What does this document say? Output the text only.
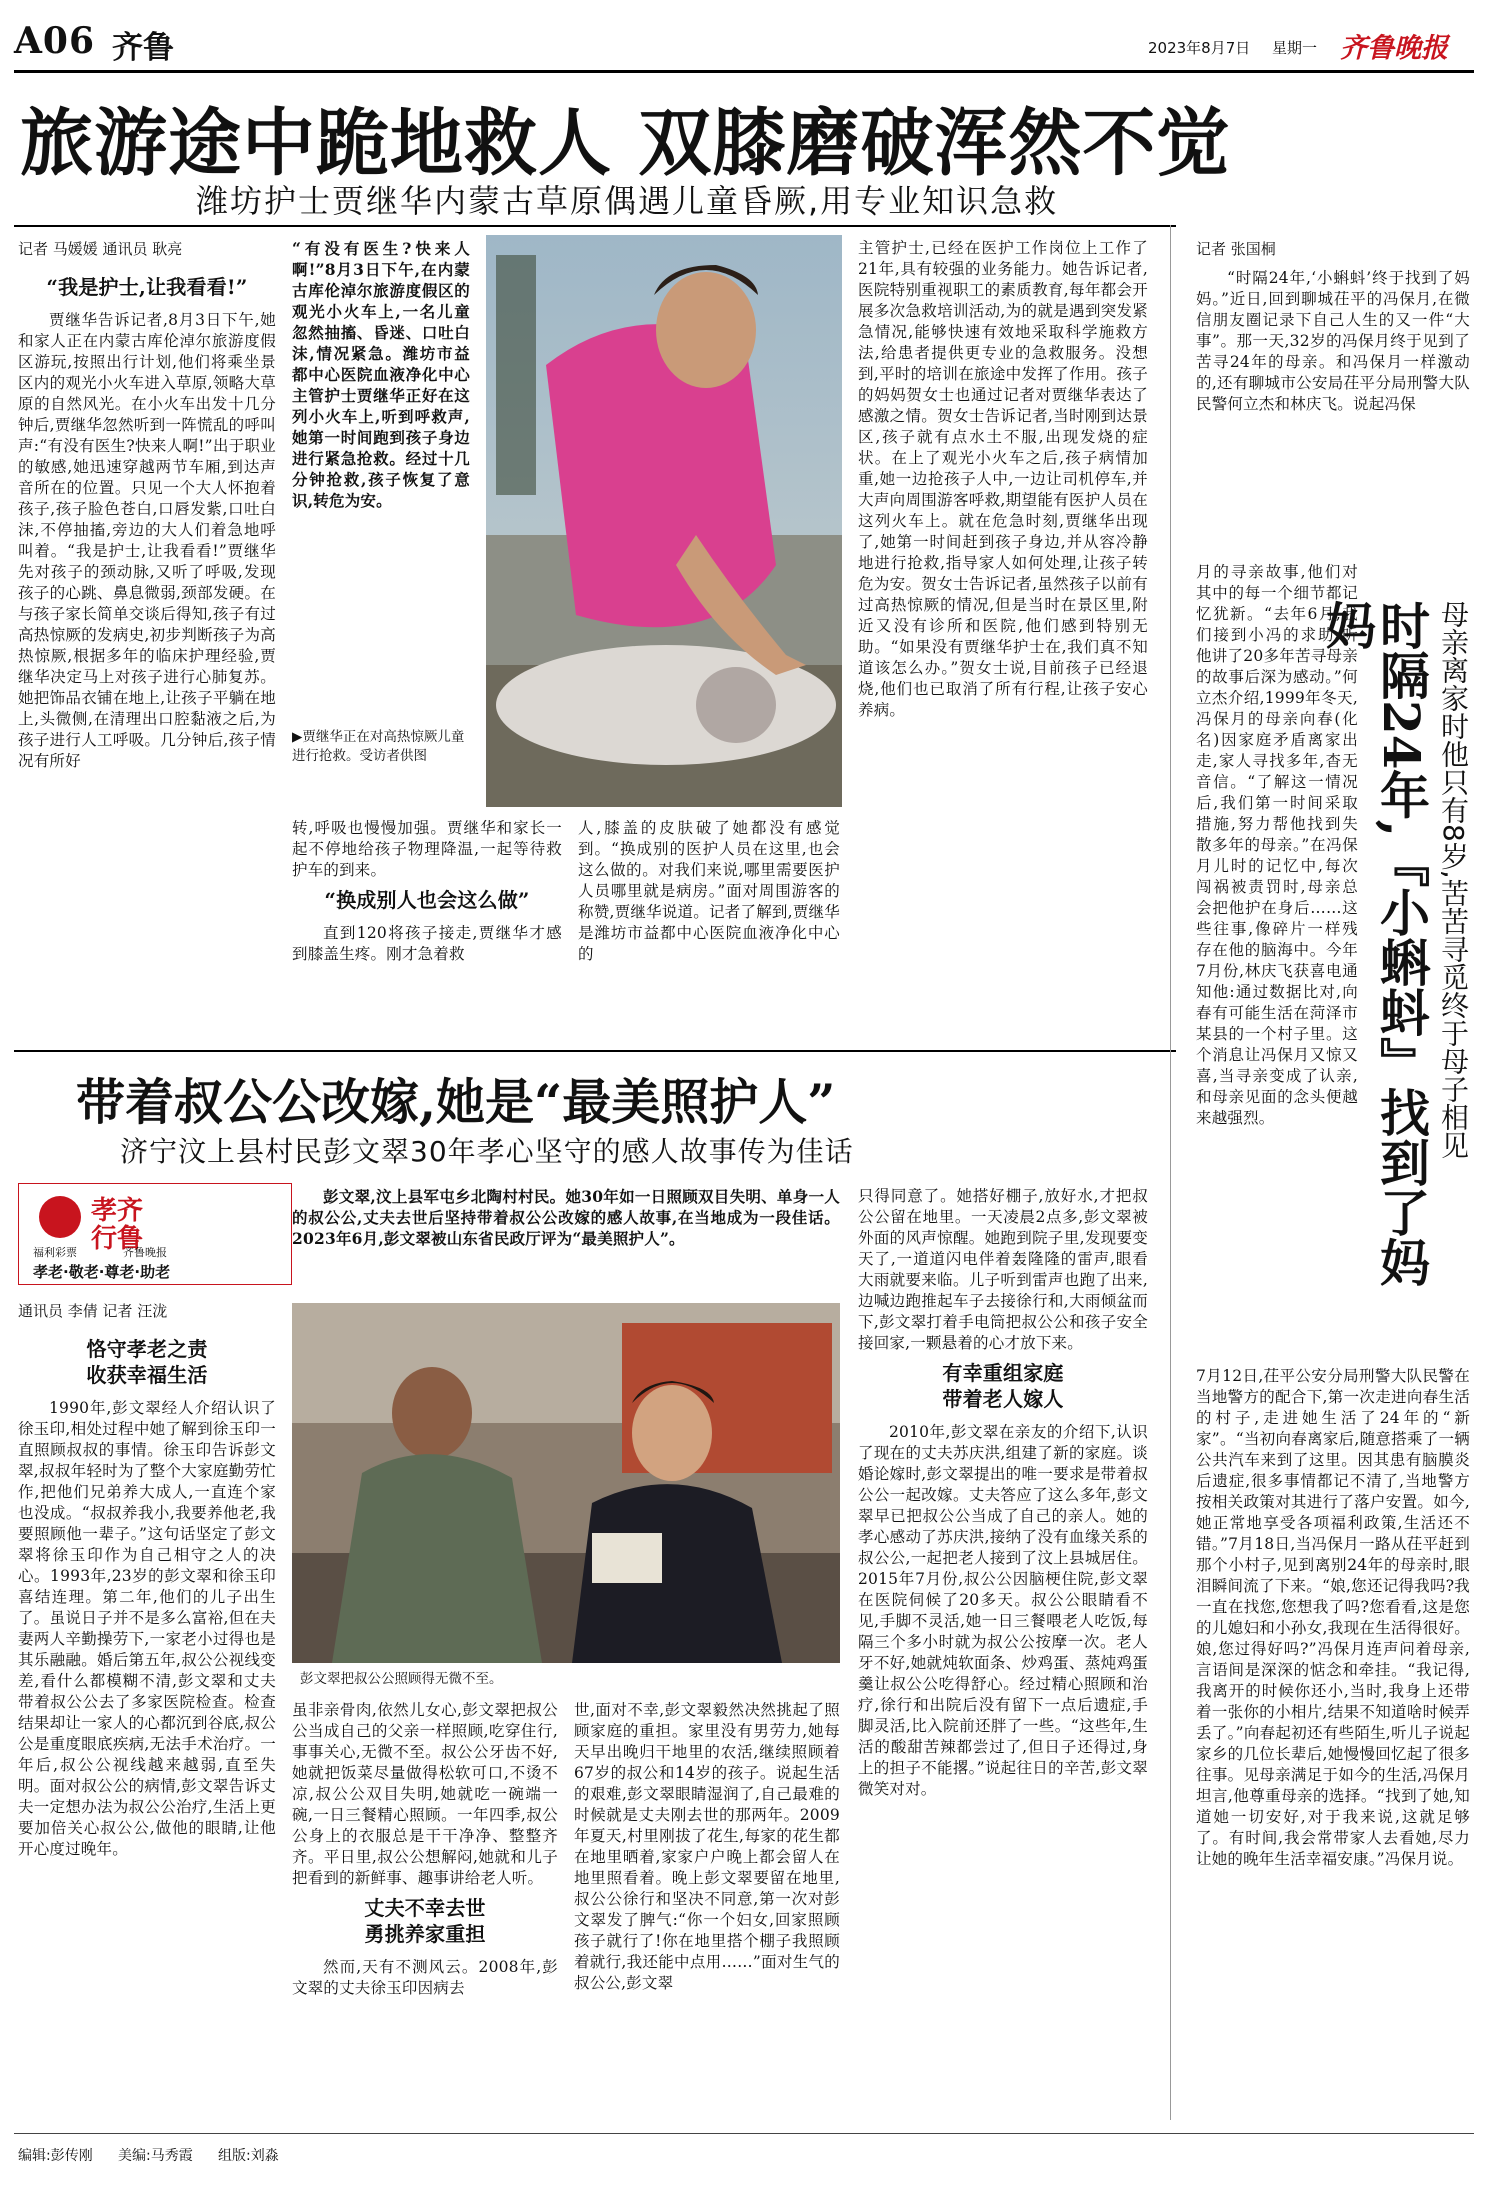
A06 齐鲁	2023年8月7日 星期一 齐鲁晚报
旅游途中跪地救人 双膝磨破浑然不觉
潍坊护士贾继华内蒙古草原偶遇儿童昏厥,用专业知识急救
记者 马媛媛 通讯员 耿亮
“我是护士,让我看看!”

贾继华告诉记者,8月3日下午,她和家人正在内蒙古库伦淖尔旅游度假区游玩,按照出行计划,他们将乘坐景区内的观光小火车进入草原,领略大草原的自然风光。在小火车出发十几分钟后,贾继华忽然听到一阵慌乱的呼叫声:“有没有医生?快来人啊!”出于职业的敏感,她迅速穿越两节车厢,到达声音所在的位置。只见一个大人怀抱着孩子,孩子脸色苍白,口唇发紫,口吐白沫,不停抽搐,旁边的大人们着急地呼叫着。“我是护士,让我看看!”贾继华先对孩子的颈动脉,又听了呼吸,发现孩子的心跳、鼻息微弱,颈部发硬。在与孩子家长简单交谈后得知,孩子有过高热惊厥的发病史,初步判断孩子为高热惊厥,根据多年的临床护理经验,贾继华决定马上对孩子进行心肺复苏。她把饰品衣铺在地上,让孩子平躺在地上,头微侧,在清理出口腔黏液之后,为孩子进行人工呼吸。几分钟后,孩子情况有所好

“有没有医生?快来人啊!”8月3日下午,在内蒙古库伦淖尔旅游度假区的观光小火车上,一名儿童忽然抽搐、昏迷、口吐白沫,情况紧急。潍坊市益都中心医院血液净化中心主管护士贾继华正好在这列小火车上,听到呼救声,她第一时间跑到孩子身边进行紧急抢救。经过十几分钟抢救,孩子恢复了意识,转危为安。

▶贾继华正在对高热惊厥儿童进行抢救。受访者供图

转,呼吸也慢慢加强。贾继华和家长一起不停地给孩子物理降温,一起等待救护车的到来。

“换成别人也会这么做”

直到120将孩子接走,贾继华才感到膝盖生疼。刚才急着救

人,膝盖的皮肤破了她都没有感觉到。“换成别的医护人员在这里,也会这么做的。对我们来说,哪里需要医护人员哪里就是病房。”面对周围游客的称赞,贾继华说道。记者了解到,贾继华是潍坊市益都中心医院血液净化中心的

主管护士,已经在医护工作岗位上工作了21年,具有较强的业务能力。她告诉记者,医院特别重视职工的素质教育,每年都会开展多次急救培训活动,为的就是遇到突发紧急情况,能够快速有效地采取科学施救方法,给患者提供更专业的急救服务。没想到,平时的培训在旅途中发挥了作用。孩子的妈妈贺女士也通过记者对贾继华表达了感激之情。贺女士告诉记者,当时刚到达景区,孩子就有点水土不服,出现发烧的症状。在上了观光小火车之后,孩子病情加重,她一边抢孩子人中,一边让司机停车,并大声向周围游客呼救,期望能有医护人员在这列火车上。就在危急时刻,贾继华出现了,她第一时间赶到孩子身边,并从容冷静地进行抢救,指导家人如何处理,让孩子转危为安。贺女士告诉记者,虽然孩子以前有过高热惊厥的情况,但是当时在景区里,附近又没有诊所和医院,他们感到特别无助。“如果没有贾继华护士在,我们真不知道该怎么办。”贺女士说,目前孩子已经退烧,他们也已取消了所有行程,让孩子安心养病。

带着叔公公改嫁,她是“最美照护人”
济宁汶上县村民彭文翠30年孝心坚守的感人故事传为佳话
孝齐
行鲁
福利彩票	齐鲁晚报
孝老·敬老·尊老·助老
通讯员 李倩 记者 汪泷
恪守孝老之责
收获幸福生活

1990年,彭文翠经人介绍认识了徐玉印,相处过程中她了解到徐玉印一直照顾叔叔的事情。徐玉印告诉彭文翠,叔叔年轻时为了整个大家庭勤劳忙作,把他们兄弟养大成人,一直连个家也没成。“叔叔养我小,我要养他老,我要照顾他一辈子。”这句话坚定了彭文翠将徐玉印作为自己相守之人的决心。1993年,23岁的彭文翠和徐玉印喜结连理。第二年,他们的儿子出生了。虽说日子并不是多么富裕,但在夫妻两人辛勤操劳下,一家老小过得也是其乐融融。婚后第五年,叔公公视线变差,看什么都模糊不清,彭文翠和丈夫带着叔公公去了多家医院检查。检查结果却让一家人的心都沉到谷底,叔公公是重度眼底疾病,无法手术治疗。一年后,叔公公视线越来越弱,直至失明。面对叔公公的病情,彭文翠告诉丈夫一定想办法为叔公公治疗,生活上更要加倍关心叔公公,做他的眼睛,让他开心度过晚年。

彭文翠,汶上县军屯乡北陶村村民。她30年如一日照顾双目失明、单身一人的叔公公,丈夫去世后坚持带着叔公公改嫁的感人故事,在当地成为一段佳话。2023年6月,彭文翠被山东省民政厅评为“最美照护人”。

彭文翠把叔公公照顾得无微不至。

虽非亲骨肉,依然儿女心,彭文翠把叔公公当成自己的父亲一样照顾,吃穿住行,事事关心,无微不至。叔公公牙齿不好,她就把饭菜尽量做得松软可口,不烫不凉,叔公公双目失明,她就吃一碗端一碗,一日三餐精心照顾。一年四季,叔公公身上的衣服总是干干净净、整整齐齐。平日里,叔公公想解闷,她就和儿子把看到的新鲜事、趣事讲给老人听。

丈夫不幸去世
勇挑养家重担

然而,天有不测风云。2008年,彭文翠的丈夫徐玉印因病去

世,面对不幸,彭文翠毅然决然挑起了照顾家庭的重担。家里没有男劳力,她每天早出晚归干地里的农活,继续照顾着67岁的叔公和14岁的孩子。说起生活的艰难,彭文翠眼睛湿润了,自己最难的时候就是丈夫刚去世的那两年。2009年夏天,村里刚拔了花生,每家的花生都在地里晒着,家家户户晚上都会留人在地里照看着。晚上彭文翠要留在地里,叔公公徐行和坚决不同意,第一次对彭文翠发了脾气:“你一个妇女,回家照顾孩子就行了!你在地里搭个棚子我照顾着就行,我还能中点用……”面对生气的叔公公,彭文翠

只得同意了。她搭好棚子,放好水,才把叔公公留在地里。一天凌晨2点多,彭文翠被外面的风声惊醒。她跑到院子里,发现要变天了,一道道闪电伴着轰隆隆的雷声,眼看大雨就要来临。儿子听到雷声也跑了出来,边喊边跑推起车子去接徐行和,大雨倾盆而下,彭文翠打着手电筒把叔公公和孩子安全接回家,一颗悬着的心才放下来。

有幸重组家庭
带着老人嫁人

2010年,彭文翠在亲友的介绍下,认识了现在的丈夫苏庆洪,组建了新的家庭。谈婚论嫁时,彭文翠提出的唯一要求是带着叔公公一起改嫁。丈夫答应了这么多年,彭文翠早已把叔公公当成了自己的亲人。她的孝心感动了苏庆洪,接纳了没有血缘关系的叔公公,一起把老人接到了汶上县城居住。2015年7月份,叔公公因脑梗住院,彭文翠在医院伺候了20多天。叔公公眼睛看不见,手脚不灵活,她一日三餐喂老人吃饭,每隔三个多小时就为叔公公按摩一次。老人牙不好,她就炖软面条、炒鸡蛋、蒸炖鸡蛋羹让叔公公吃得舒心。经过精心照顾和治疗,徐行和出院后没有留下一点后遗症,手脚灵活,比入院前还胖了一些。“这些年,生活的酸甜苦辣都尝过了,但日子还得过,身上的担子不能撂。”说起往日的辛苦,彭文翠微笑对对。

记者 张国桐

“时隔24年,‘小蝌蚪’终于找到了妈妈。”近日,回到聊城茌平的冯保月,在微信朋友圈记录下自己人生的又一件“大事”。那一天,32岁的冯保月终于见到了苦寻24年的母亲。和冯保月一样激动的,还有聊城市公安局茌平分局刑警大队民警何立杰和林庆飞。说起冯保

月的寻亲故事,他们对其中的每一个细节都记忆犹新。“去年6月,我们接到小冯的求助,听他讲了20多年苦寻母亲的故事后深为感动。”何立杰介绍,1999年冬天,冯保月的母亲向春(化名)因家庭矛盾离家出走,家人寻找多年,杳无音信。“了解这一情况后,我们第一时间采取措施,努力帮他找到失散多年的母亲。”在冯保月儿时的记忆中,每次闯祸被责罚时,母亲总会把他护在身后……这些往事,像碎片一样残存在他的脑海中。今年7月份,林庆飞获喜电通知他:通过数据比对,向春有可能生活在菏泽市某县的一个村子里。这个消息让冯保月又惊又喜,当寻亲变成了认亲,和母亲见面的念头便越来越强烈。	时隔24年,『小蝌蚪』找到了妈妈	母亲离家时他只有8岁,苦苦寻觅终于母子相见

7月12日,茌平公安分局刑警大队民警在当地警方的配合下,第一次走进向春生活的村子,走进她生活了24年的“新家”。“当初向春离家后,随意搭乘了一辆公共汽车来到了这里。因其患有脑膜炎后遗症,很多事情都记不清了,当地警方按相关政策对其进行了落户安置。如今,她正常地享受各项福利政策,生活还不错。”7月18日,当冯保月一路从茌平赶到那个小村子,见到离别24年的母亲时,眼泪瞬间流了下来。“娘,您还记得我吗?我一直在找您,您想我了吗?您看看,这是您的儿媳妇和小孙女,我现在生活得很好。娘,您过得好吗?”冯保月连声问着母亲,言语间是深深的惦念和牵挂。“我记得,我离开的时候你还小,当时,我身上还带着一张你的小相片,结果不知道啥时候弄丢了。”向春起初还有些陌生,听儿子说起家乡的几位长辈后,她慢慢回忆起了很多往事。见母亲满足于如今的生活,冯保月坦言,他尊重母亲的选择。“找到了她,知道她一切安好,对于我来说,这就足够了。有时间,我会常带家人去看她,尽力让她的晚年生活幸福安康。”冯保月说。

编辑:彭传刚 美编:马秀霞 组版:刘淼
